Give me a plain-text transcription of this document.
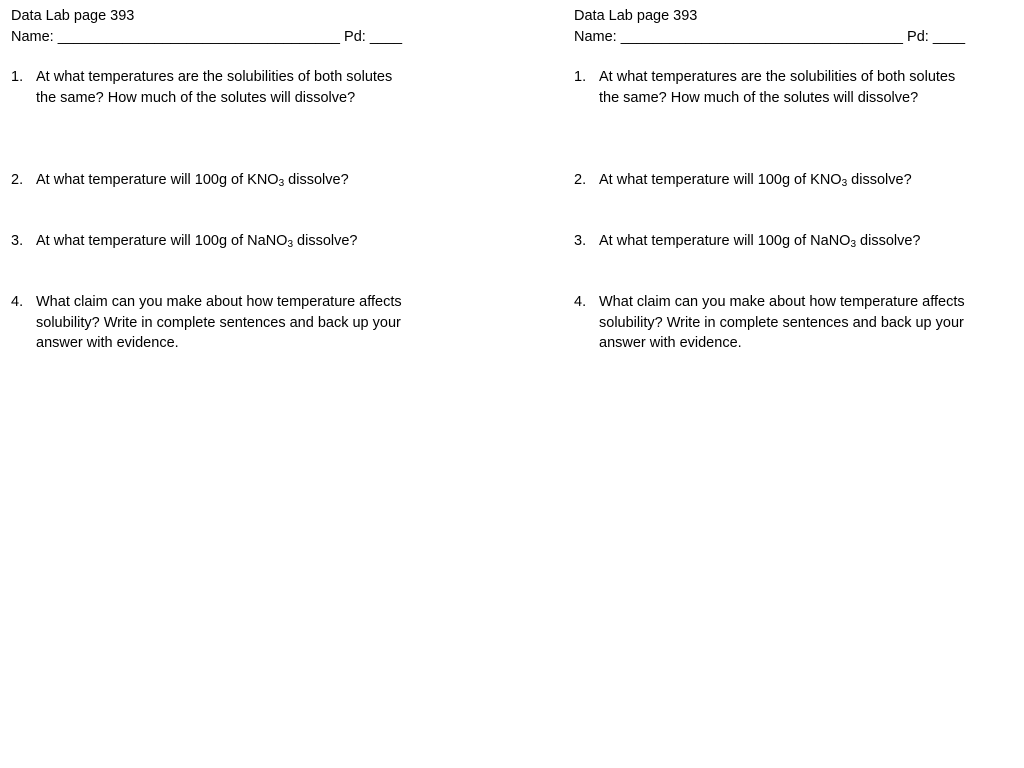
Data Lab page 393
Name: ___________________________________ Pd: ____
1. At what temperatures are the solubilities of both solutes
the same? How much of the solutes will dissolve?
2. At what temperature will 100g of $KNO_3$ dissolve?
3. At what temperature will 100g of NaNO$_3$ dissolve?
4. What claim can you make about how temperature affects
solubility? Write in complete sentences and back up your
answer with evidence.
Data Lab page 393
Name: ___________________________________ Pd: ____
1. At what temperatures are the solubilities of both solutes
the same? How much of the solutes will dissolve?
2. At what temperature will 100g of $KNO_3$ dissolve?
3. At what temperature will 100g of NaNO$_3$ dissolve?
4. What claim can you make about how temperature affects
solubility? Write in complete sentences and back up your
answer with evidence.
